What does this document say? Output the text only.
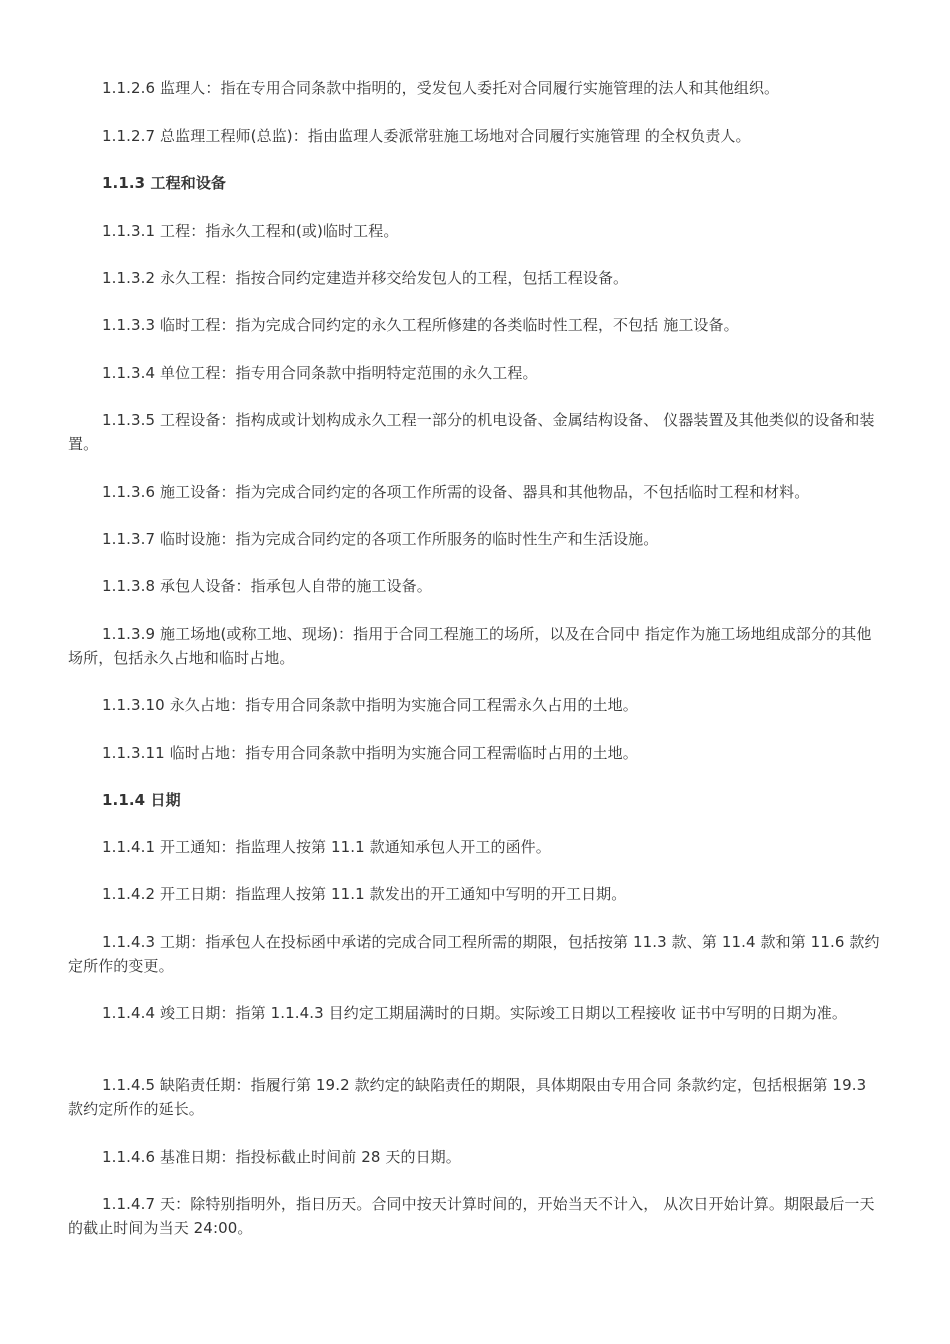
1.1.2.6 监理人：指在专用合同条款中指明的，受发包人委托对合同履行实施管理的法人和其他组织。

1.1.2.7 总监理工程师(总监)：指由监理人委派常驻施工场地对合同履行实施管理 的全权负责人。

1.1.3 工程和设备

1.1.3.1 工程：指永久工程和(或)临时工程。

1.1.3.2 永久工程：指按合同约定建造并移交给发包人的工程，包括工程设备。

1.1.3.3 临时工程：指为完成合同约定的永久工程所修建的各类临时性工程，不包括 施工设备。

1.1.3.4 单位工程：指专用合同条款中指明特定范围的永久工程。

1.1.3.5 工程设备：指构成或计划构成永久工程一部分的机电设备、金属结构设备、 仪器装置及其他类似的设备和装置。

1.1.3.6 施工设备：指为完成合同约定的各项工作所需的设备、器具和其他物品，不包括临时工程和材料。

1.1.3.7 临时设施：指为完成合同约定的各项工作所服务的临时性生产和生活设施。

1.1.3.8 承包人设备：指承包人自带的施工设备。

1.1.3.9 施工场地(或称工地、现场)：指用于合同工程施工的场所，以及在合同中 指定作为施工场地组成部分的其他场所，包括永久占地和临时占地。

1.1.3.10 永久占地：指专用合同条款中指明为实施合同工程需永久占用的土地。

1.1.3.11 临时占地：指专用合同条款中指明为实施合同工程需临时占用的土地。

1.1.4 日期

1.1.4.1 开工通知：指监理人按第 11.1 款通知承包人开工的函件。

1.1.4.2 开工日期：指监理人按第 11.1 款发出的开工通知中写明的开工日期。

1.1.4.3 工期：指承包人在投标函中承诺的完成合同工程所需的期限，包括按第 11.3 款、第 11.4 款和第 11.6 款约定所作的变更。

1.1.4.4 竣工日期：指第 1.1.4.3 目约定工期届满时的日期。实际竣工日期以工程接收 证书中写明的日期为准。

1.1.4.5 缺陷责任期：指履行第 19.2 款约定的缺陷责任的期限，具体期限由专用合同 条款约定，包括根据第 19.3 款约定所作的延长。

1.1.4.6 基准日期：指投标截止时间前 28 天的日期。

1.1.4.7 天：除特别指明外，指日历天。合同中按天计算时间的，开始当天不计入， 从次日开始计算。期限最后一天的截止时间为当天 24:00。
